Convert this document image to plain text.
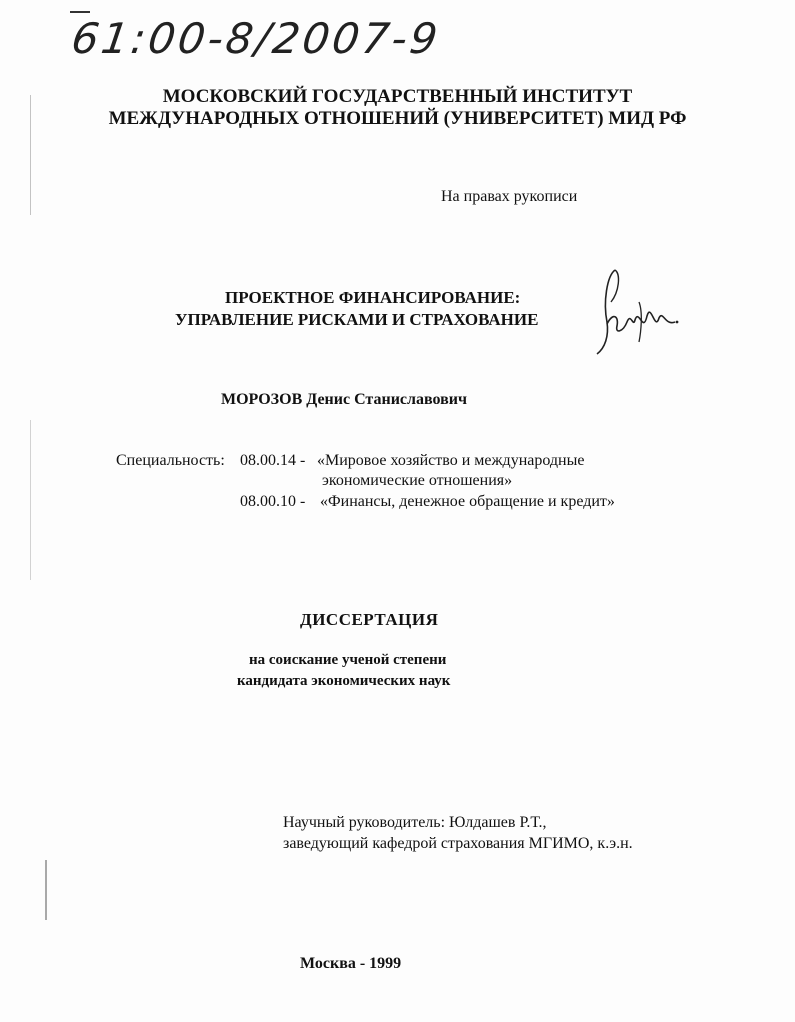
61:00-8/2007-9
МОСКОВСКИЙ ГОСУДАРСТВЕННЫЙ ИНСТИТУТ
МЕЖДУНАРОДНЫХ ОТНОШЕНИЙ (УНИВЕРСИТЕТ) МИД РФ
На правах рукописи
ПРОЕКТНОЕ ФИНАНСИРОВАНИЕ:
УПРАВЛЕНИЕ РИСКАМИ И СТРАХОВАНИЕ
МОРОЗОВ Денис Станиславович
Специальность: 08.00.14 - «Мировое хозяйство и международные
экономические отношения»
08.00.10 - «Финансы, денежное обращение и кредит»
ДИССЕРТАЦИЯ
на соискание ученой степени
кандидата экономических наук
Научный руководитель: Юлдашев Р.Т.,
заведующий кафедрой страхования МГИМО, к.э.н.
Москва - 1999
